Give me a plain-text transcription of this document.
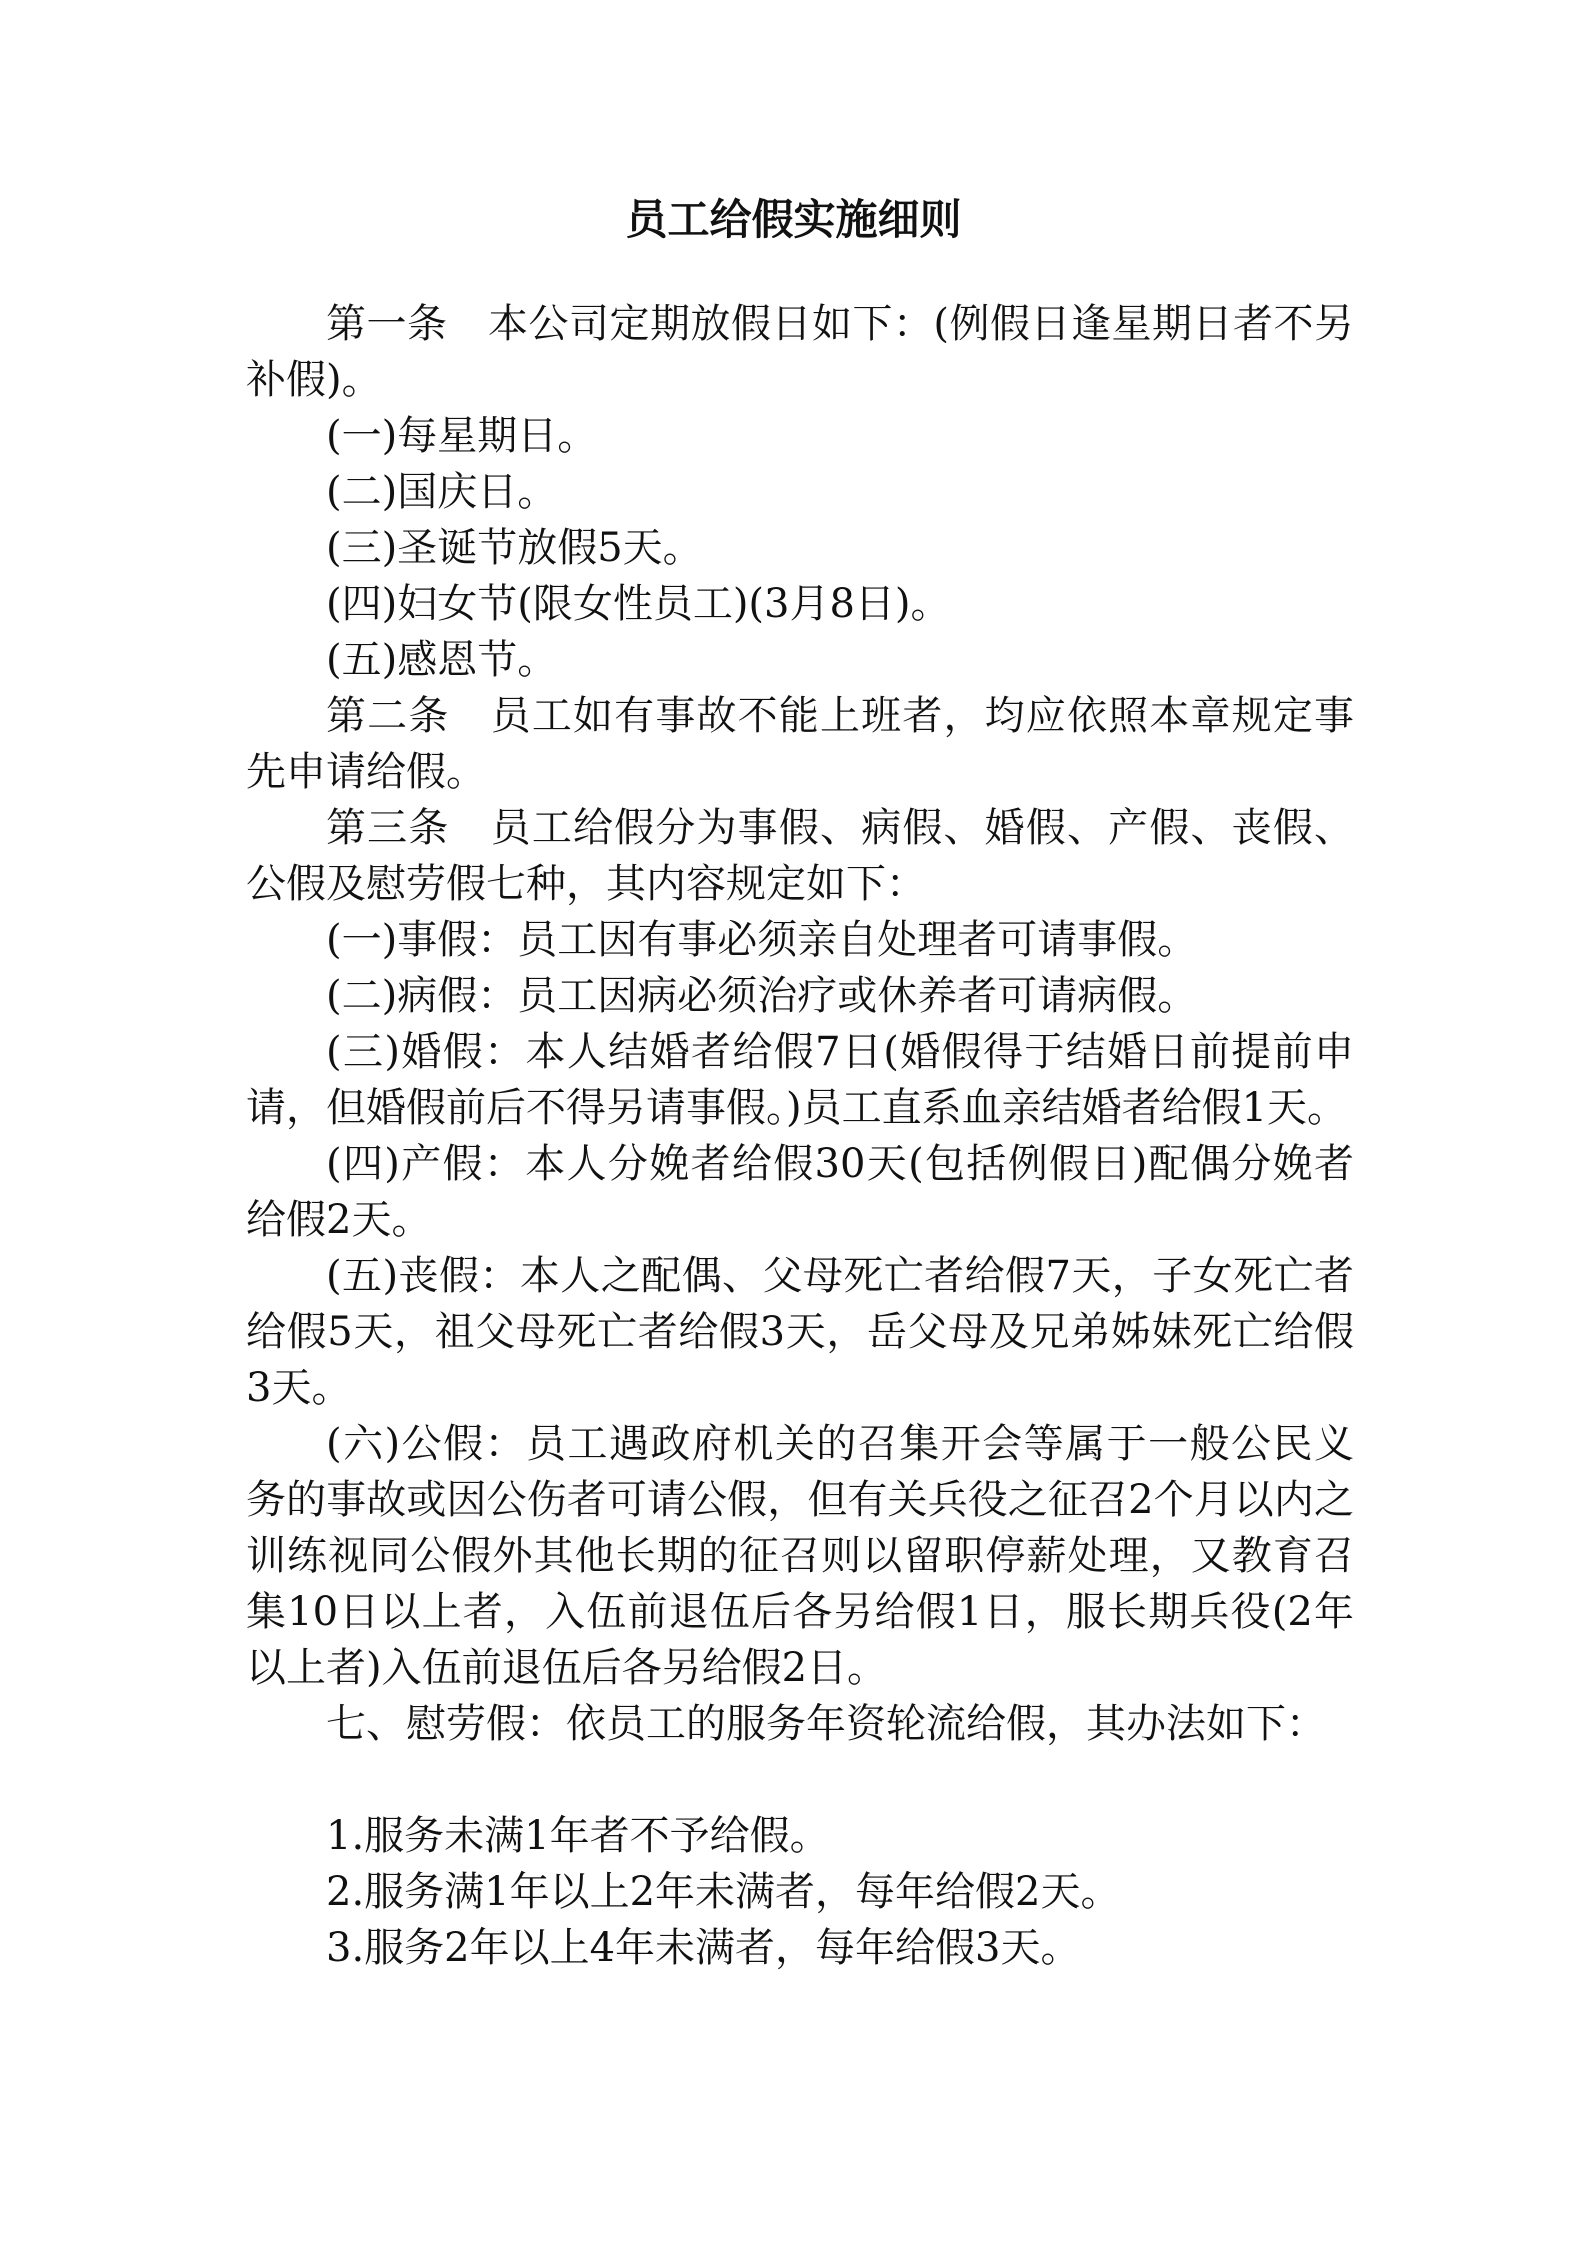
员工给假实施细则

第一条　本公司定期放假日如下：(例假日逢星期日者不另补假)。

(一)每星期日。

(二)国庆日。

(三)圣诞节放假5天。

(四)妇女节(限女性员工)(3月8日)。

(五)感恩节。

第二条　员工如有事故不能上班者，均应依照本章规定事先申请给假。

第三条　员工给假分为事假、病假、婚假、产假、丧假、公假及慰劳假七种，其内容规定如下：

(一)事假：员工因有事必须亲自处理者可请事假。

(二)病假：员工因病必须治疗或休养者可请病假。

(三)婚假：本人结婚者给假7日(婚假得于结婚日前提前申请，但婚假前后不得另请事假。)员工直系血亲结婚者给假1天。

(四)产假：本人分娩者给假30天(包括例假日)配偶分娩者给假2天。

(五)丧假：本人之配偶、父母死亡者给假7天，子女死亡者给假5天，祖父母死亡者给假3天，岳父母及兄弟姊妹死亡给假3天。

(六)公假：员工遇政府机关的召集开会等属于一般公民义务的事故或因公伤者可请公假，但有关兵役之征召2个月以内之训练视同公假外其他长期的征召则以留职停薪处理，又教育召集10日以上者，入伍前退伍后各另给假1日，服长期兵役(2年以上者)入伍前退伍后各另给假2日。

七、慰劳假：依员工的服务年资轮流给假，其办法如下：

1.服务未满1年者不予给假。

2.服务满1年以上2年未满者，每年给假2天。

3.服务2年以上4年未满者，每年给假3天。
